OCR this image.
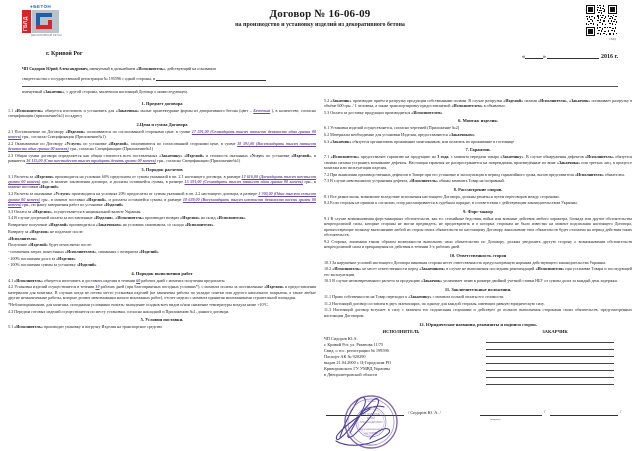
●БЕТОН
ГБЛД
ДЕКОРАТИВНЫЙ БЕТОН
Договор № 16-06-09
на производство и установку изделий из декоративного бетона
ГБЛД
г. Кривой Рог	«	»	2016 г.

ЧП Сидоров Юрий Александрович, именуемый в дальнейшем «Исполнитель», действующий на основании

свидетельства о государственной регистрации № 195596 с одной стороны, и

именуемый «Заказчик», с другой стороны, заключили настоящий Договор о нижеследующем.

1. Предмет договора

1.1 «Исполнитель» обязуется изготовить и установить для «Заказчика» малые архитектурные формы из декоративного бетона (цвет – Бежевый ), в количестве, согласно спецификации (приложение№1) по адресу

2.Цена и сумма Договора

2.1 Поставляемые по Договору «Изделия» оплачиваются по согласованной сторонами цене, в сумме 17 591,00 (Семнадцать тысяч пятьсот девяносто одна гривна 00 копеек) грн., согласно Спецификации (Приложение№1)

2.2 Оказываемые по Договору «Услуги» по установке «Изделий», оплачиваются по согласованной сторонами цене, в сумме 18 591,00 (Восемнадцать тысяч пятьсот девяносто одна гривна 00 копеек) грн., согласно Спецификации (Приложение№1)

2.3 Общая сумма договора определяется как общая стоимость всех поставленных «Заказчику» «Изделий» и стоимость оказанных «Услуг» по установке «Изделий», и равняется 36 135,00 (Сто шестьдесят тысяч тридцать девять гривен 00 копеек) грн., согласно Спецификации (Приложение№1)

3. Порядок расчетов

3.1 Расчеты за «Изделия» производятся на условиях 60% предоплаты от суммы указанной в пп. 2.1 настоящего договора, в размере 12 616,00 (Двенадцать тысяч шестьсот гривен 00 копеек) грн., в момент заключения договора, и доплаты оставшейся суммы, в размере 15 591,00 (Семнадцать тысяч пятьсот одна гривна 00 копеек) грн., в момент поставки «Изделий»

3.2 Расчеты за оказанные «Услуги» производятся на условиях 20% предоплаты от суммы указанной в пп. 2.2 настоящего договора, в размере 1 700,00 (Одна тысяча семьсот гривен 00 копеек) грн., в момент поставки «Изделий», и доплаты оставшейся суммы, в размере 18 639,00 (Восемнадцать тысяч шестьсот девяносто восемь гривен 00 копеек) грн., по факту завершения работ по установке «Изделий»

3.3 Оплата за «Изделия», осуществляется в национальной валюте Украины.

3.4 В случае досрочной оплаты за поставленные «Изделия», «Исполнитель» производит возврат «Изделия» на склад «Исполнителя».

Возвратное получение «Изделий» производиться «Заказчиком» на условиях самовывоза, со склада «Исполнителя».

Возврату за «Изделия» не подлежат после:

«Исполнителя»

Получение «Изделий» будет исчисляемо после:

- погашения затрат, понесённых «Исполнителем», связанных с возвратом «Изделий»

- 100% погашения долга за «Изделия»

- 100% погашения суммы за установку «Изделий»

4. Порядок выполнения работ

4.1 «Исполнитель» обязуется изготовить и доставить изделия в течении 60 рабочих дней с момента получения предоплаты

4.2 Установка изделий осуществляется в течении 10 рабочих дней (при благоприятных погодных условиях*), с момента оплаты за поставленные «Изделия» и предоставления материалов для монтажа. В случаях когда не готово место установки изделий (не закончены работы по укладке плитки или другого напольного покрытия, а также любые другие незаконченные работы, которые делают невозможным начало монтажных работ), отсчет недели с момента принятия монтажниками строительной площадки.

*Неблагоприятными, для монтажа, погодными условиями считать: выпадение осадков всех видов и/или снижение температуры воздуха ниже +10°С.

4.3 Передача готовых изделий осуществляется по месту установки, согласно накладной и Приложению №1, данного договора.

5. Условия поставки.

5.1 «Исполнитель» производит упаковку и погрузку Изделия на транспортное средство

5.2 «Заказчик» производит приём и разгрузку продукции собственными силами. В случае разгрузки «Изделий» силами «Исполнителя», «Заказчик» оплачивает разгрузку в объёме 600 грн. / 1 человека, а также транспортировку предоставляемой «Исполнителем» в объявлено.

5.3 Оплата за доставку продукции производиться «Исполнителем»

6. Монтаж изделия.

6.1 Установка изделий осуществляется, согласно чертежей (Приложение №2)

6.2 Материалы необходимые для установки Изделия, предоставляются «Заказчиком»

6.3 «Заказчик» обязуется организовать проживание монтажников, или оплатить их проживание в гостинице

7. Гарантии.

7.1 «Исполнитель» предоставляет гарантию на продукцию на 3 года, с момента передачи товара «Заказчику». В случае обнаружения дефектов «Исполнитель» обязуется своими силами устранить возникшие дефекты. Настоящая гарантия не распространяется на повреждения, произведённые по вине «Заказчика» или третьих лиц, в процессе монтажа или эксплуатации изделия.

7.2 При выявлении производственных дефектов в Товаре при его установке и эксплуатации в период гарантийного срока, вызов представителя «Исполнителя» обязателен.

7.3 В случае невозможного устранения дефекта, «Исполнитель» обязан заменить Товар на исправный.

8. Рассмотрение споров.

8.1 Все разногласия, возникшие вследствие исполнения настоящего Договора, должны решаться путем переговоров между сторонами.

8.2 Если стороны не пришли к согласию, спор рассматривается в судебном порядке, в соответствии с действующим законодательством Украины.

9. Форс-мажор

9.1 В случае возникновения форс-мажорных обстоятельств, как то: стихийные бедствия, война или военные действия любого характера, блокада или другие обстоятельства непреодолимой силы, которые стороны не могли предвидеть, не предотвратить и о которых сторонам не было известно на момент подписания настоящего Договора, препятствующие полному выполнению любой из сторон своих обязательств по настоящему Договору, выполнение этих обязательств будет отложено на период действия таких обстоятельств.

9.2 Сторона, лишенная таким образом возможности выполнить свои обязательства по Договору, должна уведомить другую сторону о возникновении обстоятельств непреодолимой силы и прекращения их действия в течении 3-х рабочих дней.

10. Ответственность сторон

10.1 За нарушение условий настоящего Договора виновная сторона несет ответственность предусмотренную нормами действующего законодательства Украины.

10.2 «Исполнитель» не несет ответственности перед «Заказчиком» в случае не выполнения последним рекомендаций «Исполнителя» при установке Товара и последующей его эксплуатации.

10.3 В случае несвоевременного расчета за продукцию «Заказчик» уплачивает пеню в размере двойной учетной ставки НБУ от суммы долга за каждый день задержки.

11. Заключительные положения.

11.1 Право собственности на Товар переходит к «Заказчику» с момента полной оплаты его стоимости.

11.2 Настоящий договор составлен в двух экземплярах, по одному для каждой стороны, имеющих равную юридическую силу.

11.3 Настоящий договор вступает в силу с момента его подписания сторонами и действует до полного выполнения сторонами своих обязательств, предусмотренных настоящим Договором.

12. Юридические названия, реквизиты и подписи сторон.

ИСПОЛНИТЕЛЬ
ЧП Сидоров Ю.А.
г. Кривой Рог, ул. Рязанова 11/75
Свид. о гос. регистрации № 199596
Паспорт АК № 920290
выдан 21.04.2000 г. Ц-Городским РО
Криворожского ГУ УМВД Украины
в Днепропетровской области
ЗАКАРЧИК
/ Сидоров Ю. А. /
ЧП СИДОРОВ
ЮРИЙ
АЛЕКСАНДРОВИЧ
идентификационный
код 2498052
УКРАЇНА
КРИВИЙ РІГ
/	/
(подпись)
